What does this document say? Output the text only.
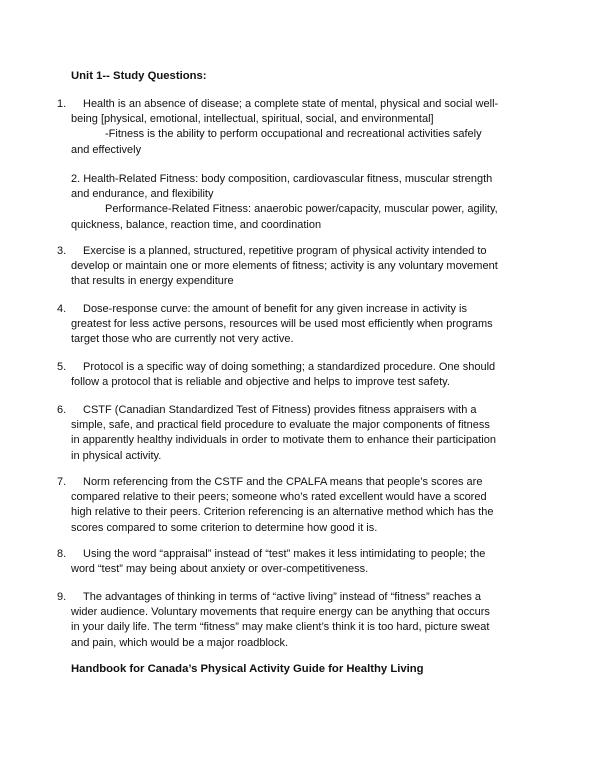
Unit 1-- Study Questions:
1.	Health is an absence of disease; a complete state of mental, physical and social well-
being [physical, emotional, intellectual, spiritual, social, and environmental]
-Fitness is the ability to perform occupational and recreational activities safely
and effectively
2. Health-Related Fitness: body composition, cardiovascular fitness, muscular strength
and endurance, and flexibility
Performance-Related Fitness: anaerobic power/capacity, muscular power, agility,
quickness, balance, reaction time, and coordination
3.	Exercise is a planned, structured, repetitive program of physical activity intended to
develop or maintain one or more elements of fitness; activity is any voluntary movement
that results in energy expenditure
4.	Dose-response curve: the amount of benefit for any given increase in activity is
greatest for less active persons, resources will be used most efficiently when programs
target those who are currently not very active.
5.	Protocol is a specific way of doing something; a standardized procedure. One should
follow a protocol that is reliable and objective and helps to improve test safety.
6.	CSTF (Canadian Standardized Test of Fitness) provides fitness appraisers with a
simple, safe, and practical field procedure to evaluate the major components of fitness
in apparently healthy individuals in order to motivate them to enhance their participation
in physical activity.
7.	Norm referencing from the CSTF and the CPALFA means that people’s scores are
compared relative to their peers; someone who’s rated excellent would have a scored
high relative to their peers. Criterion referencing is an alternative method which has the
scores compared to some criterion to determine how good it is.
8.	Using the word “appraisal” instead of “test” makes it less intimidating to people; the
word “test” may being about anxiety or over-competitiveness.
9.	The advantages of thinking in terms of “active living” instead of “fitness” reaches a
wider audience. Voluntary movements that require energy can be anything that occurs
in your daily life. The term “fitness” may make client’s think it is too hard, picture sweat
and pain, which would be a major roadblock.
Handbook for Canada’s Physical Activity Guide for Healthy Living
